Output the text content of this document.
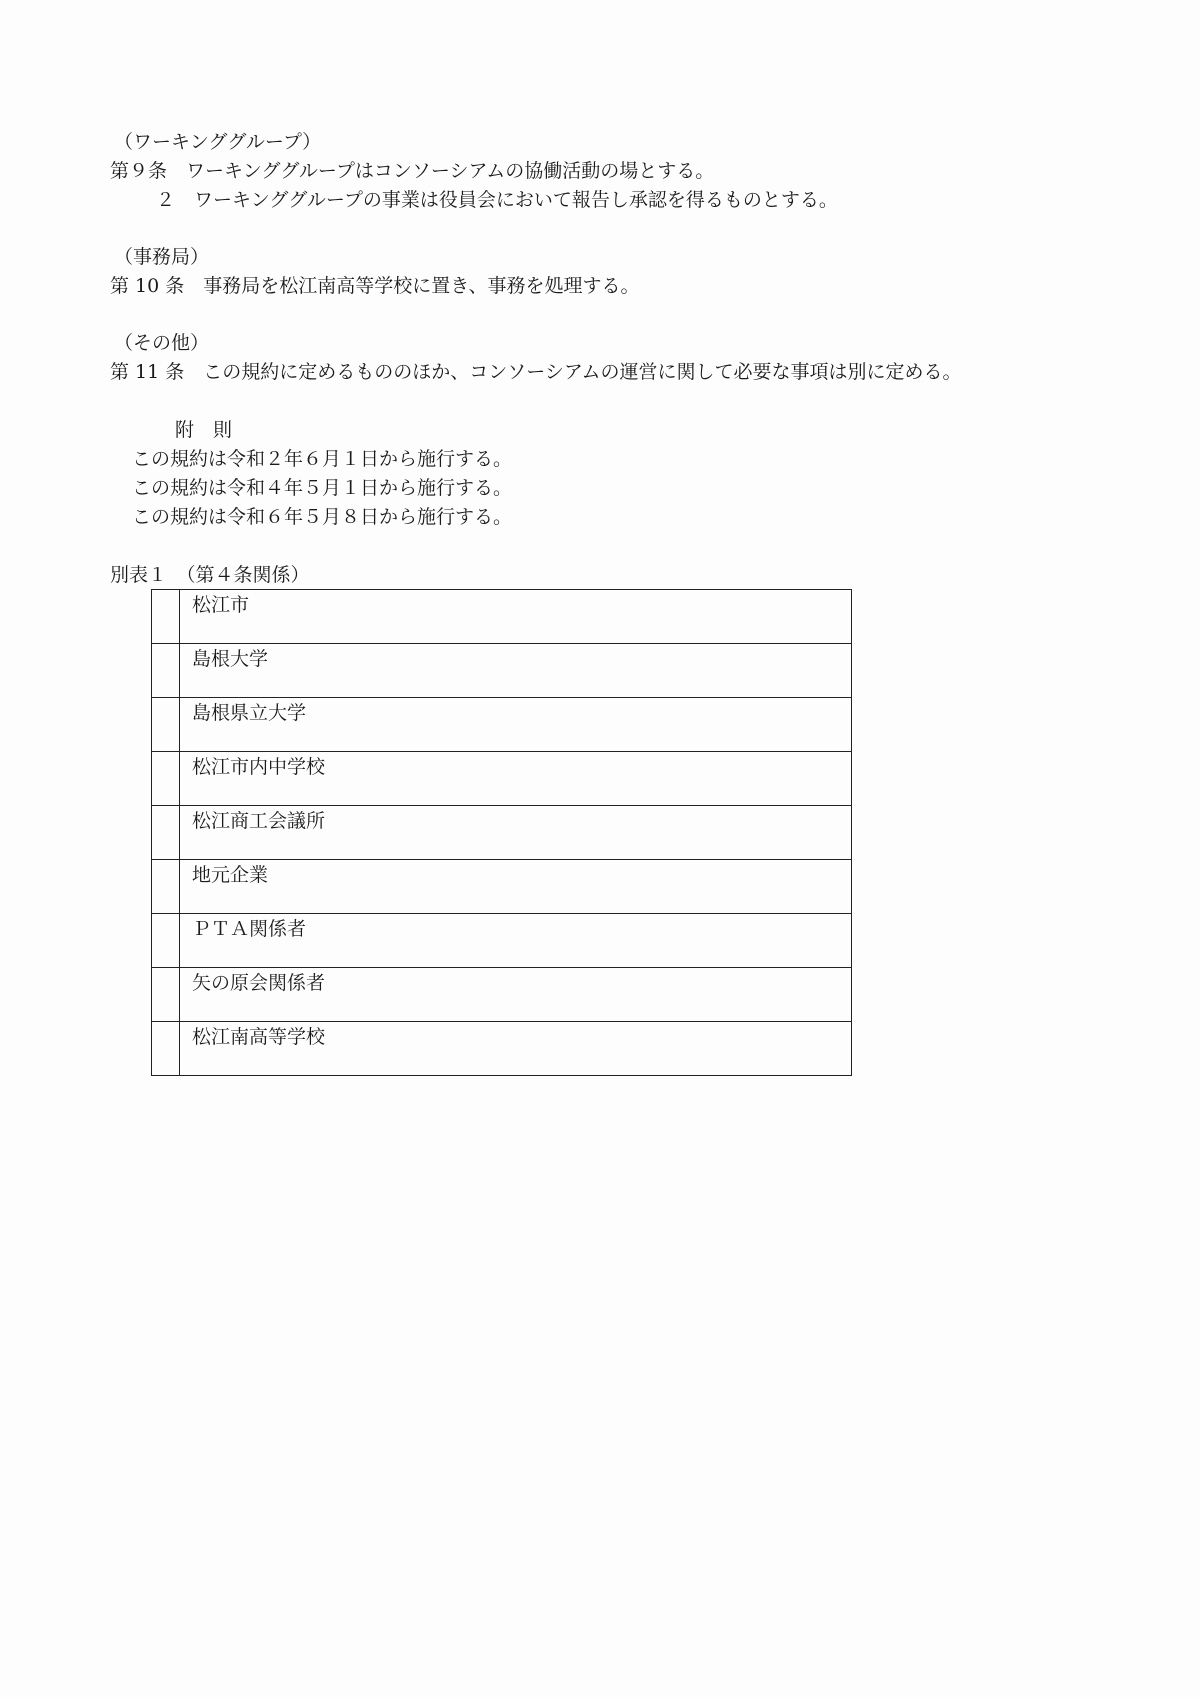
（ワーキンググループ）
第９条　ワーキンググループはコンソーシアムの協働活動の場とする。
２　ワーキンググループの事業は役員会において報告し承認を得るものとする。
（事務局）
第 10 条　事務局を松江南高等学校に置き、事務を処理する。
（その他）
第 11 条　この規約に定めるもののほか、コンソーシアムの運営に関して必要な事項は別に定める。
附　則
この規約は令和２年６月１日から施行する。
この規約は令和４年５月１日から施行する。
この規約は令和６年５月８日から施行する。
別表１　（第４条関係）
	松江市
	島根大学
	島根県立大学
	松江市内中学校
	松江商工会議所
	地元企業
	ＰＴＡ関係者
	矢の原会関係者
	松江南高等学校
